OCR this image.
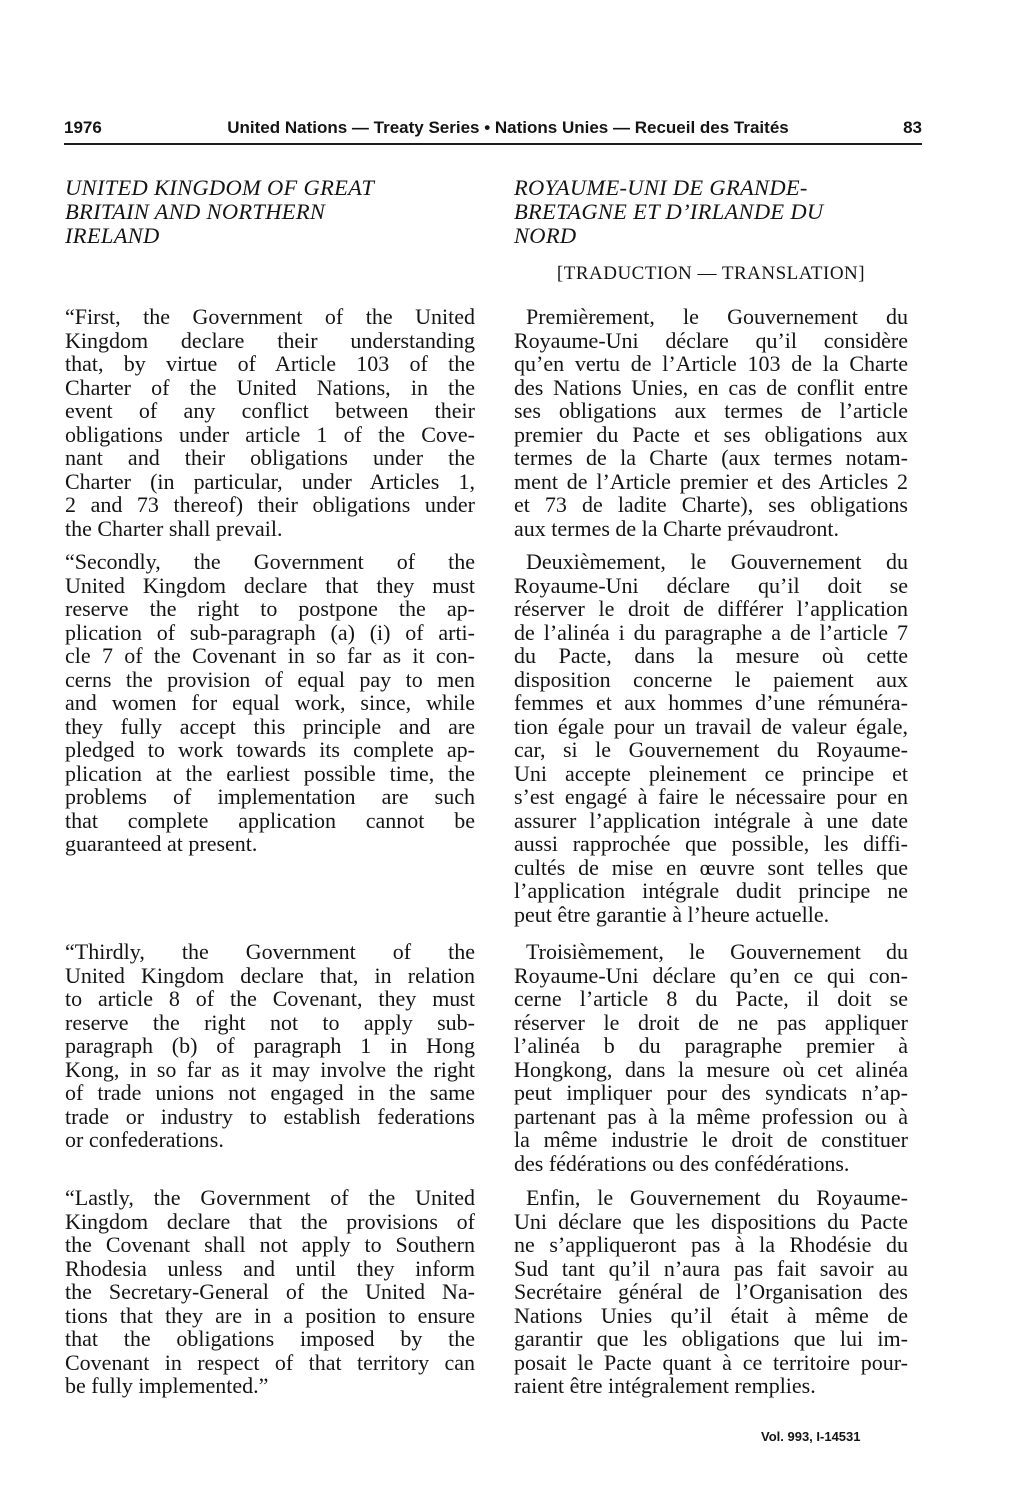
1976	United Nations — Treaty Series • Nations Unies — Recueil des Traités	83
UNITED KINGDOM OF GREAT
BRITAIN AND NORTHERN
IRELAND
“First, the Government of the United
Kingdom declare their understanding
that, by virtue of Article 103 of the
Charter of the United Nations, in the
event of any conflict between their
obligations under article 1 of the Cove-
nant and their obligations under the
Charter (in particular, under Articles 1,
2 and 73 thereof) their obligations under
the Charter shall prevail.
“Secondly, the Government of the
United Kingdom declare that they must
reserve the right to postpone the ap-
plication of sub-paragraph (a) (i) of arti-
cle 7 of the Covenant in so far as it con-
cerns the provision of equal pay to men
and women for equal work, since, while
they fully accept this principle and are
pledged to work towards its complete ap-
plication at the earliest possible time, the
problems of implementation are such
that complete application cannot be
guaranteed at present.
“Thirdly, the Government of the
United Kingdom declare that, in relation
to article 8 of the Covenant, they must
reserve the right not to apply sub-
paragraph (b) of paragraph 1 in Hong
Kong, in so far as it may involve the right
of trade unions not engaged in the same
trade or industry to establish federations
or confederations.
“Lastly, the Government of the United
Kingdom declare that the provisions of
the Covenant shall not apply to Southern
Rhodesia unless and until they inform
the Secretary-General of the United Na-
tions that they are in a position to ensure
that the obligations imposed by the
Covenant in respect of that territory can
be fully implemented.”
ROYAUME-UNI DE GRANDE-
BRETAGNE ET D’IRLANDE DU
NORD
[TRADUCTION — TRANSLATION]
Premièrement, le Gouvernement du
Royaume-Uni déclare qu’il considère
qu’en vertu de l’Article 103 de la Charte
des Nations Unies, en cas de conflit entre
ses obligations aux termes de l’article
premier du Pacte et ses obligations aux
termes de la Charte (aux termes notam-
ment de l’Article premier et des Articles 2
et 73 de ladite Charte), ses obligations
aux termes de la Charte prévaudront.
Deuxièmement, le Gouvernement du
Royaume-Uni déclare qu’il doit se
réserver le droit de différer l’application
de l’alinéa i du paragraphe a de l’article 7
du Pacte, dans la mesure où cette
disposition concerne le paiement aux
femmes et aux hommes d’une rémunéra-
tion égale pour un travail de valeur égale,
car, si le Gouvernement du Royaume-
Uni accepte pleinement ce principe et
s’est engagé à faire le nécessaire pour en
assurer l’application intégrale à une date
aussi rapprochée que possible, les diffi-
cultés de mise en œuvre sont telles que
l’application intégrale dudit principe ne
peut être garantie à l’heure actuelle.
Troisièmement, le Gouvernement du
Royaume-Uni déclare qu’en ce qui con-
cerne l’article 8 du Pacte, il doit se
réserver le droit de ne pas appliquer
l’alinéa b du paragraphe premier à
Hongkong, dans la mesure où cet alinéa
peut impliquer pour des syndicats n’ap-
partenant pas à la même profession ou à
la même industrie le droit de constituer
des fédérations ou des confédérations.
Enfin, le Gouvernement du Royaume-
Uni déclare que les dispositions du Pacte
ne s’appliqueront pas à la Rhodésie du
Sud tant qu’il n’aura pas fait savoir au
Secrétaire général de l’Organisation des
Nations Unies qu’il était à même de
garantir que les obligations que lui im-
posait le Pacte quant à ce territoire pour-
raient être intégralement remplies.
Vol. 993, I-14531
